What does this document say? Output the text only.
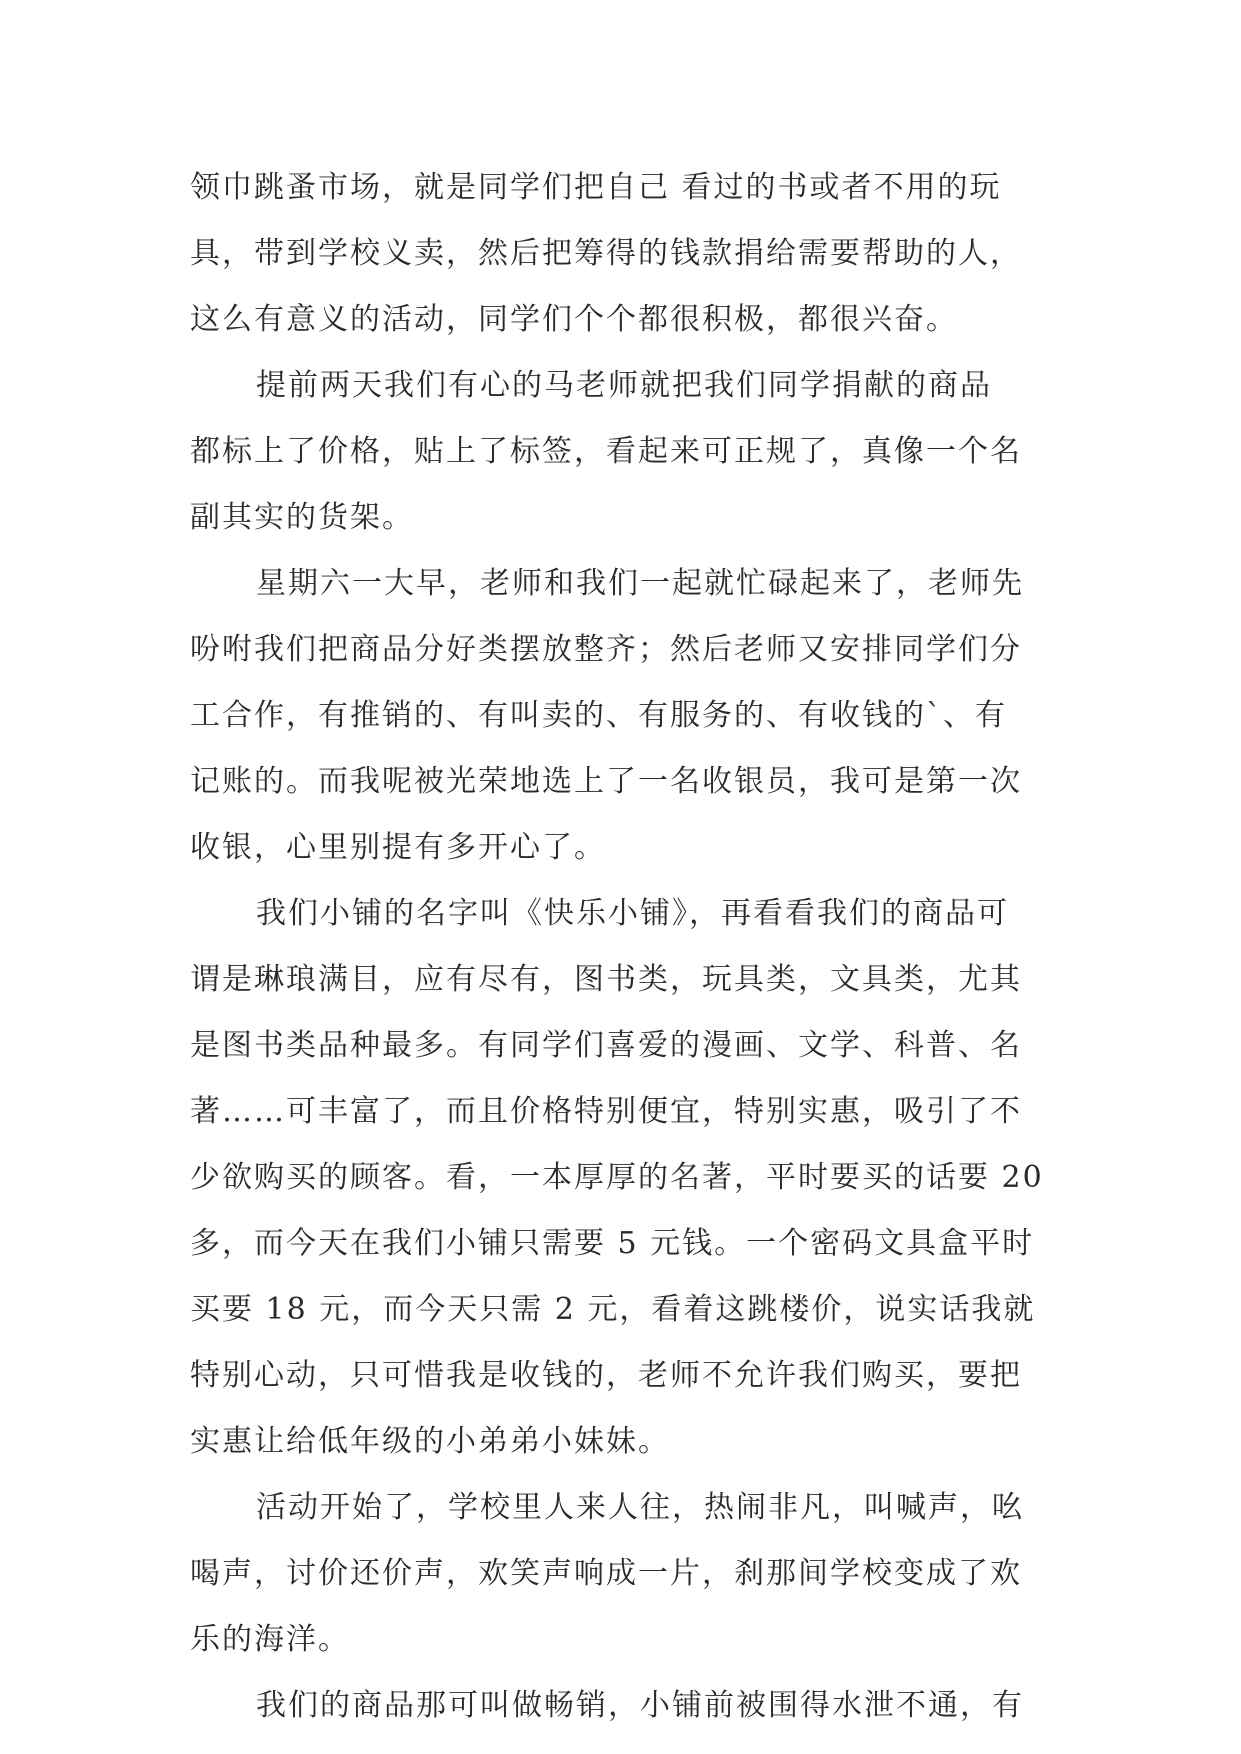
领巾跳蚤市场，就是同学们把自己 看过的书或者不用的玩
具，带到学校义卖，然后把筹得的钱款捐给需要帮助的人，
这么有意义的活动，同学们个个都很积极，都很兴奋。
提前两天我们有心的马老师就把我们同学捐献的商品
都标上了价格，贴上了标签，看起来可正规了，真像一个名
副其实的货架。
星期六一大早，老师和我们一起就忙碌起来了，老师先
吩咐我们把商品分好类摆放整齐；然后老师又安排同学们分
工合作，有推销的、有叫卖的、有服务的、有收钱的`、有
记账的。而我呢被光荣地选上了一名收银员，我可是第一次
收银，心里别提有多开心了。
我们小铺的名字叫《快乐小铺》，再看看我们的商品可
谓是琳琅满目，应有尽有，图书类，玩具类，文具类，尤其
是图书类品种最多。有同学们喜爱的漫画、文学、科普、名
著……可丰富了，而且价格特别便宜，特别实惠，吸引了不
少欲购买的顾客。看，一本厚厚的名著，平时要买的话要 20
多，而今天在我们小铺只需要 5 元钱。一个密码文具盒平时
买要 18 元，而今天只需 2 元，看着这跳楼价，说实话我就
特别心动，只可惜我是收钱的，老师不允许我们购买，要把
实惠让给低年级的小弟弟小妹妹。
活动开始了，学校里人来人往，热闹非凡，叫喊声，吆
喝声，讨价还价声，欢笑声响成一片，刹那间学校变成了欢
乐的海洋。
我们的商品那可叫做畅销，小铺前被围得水泄不通，有
